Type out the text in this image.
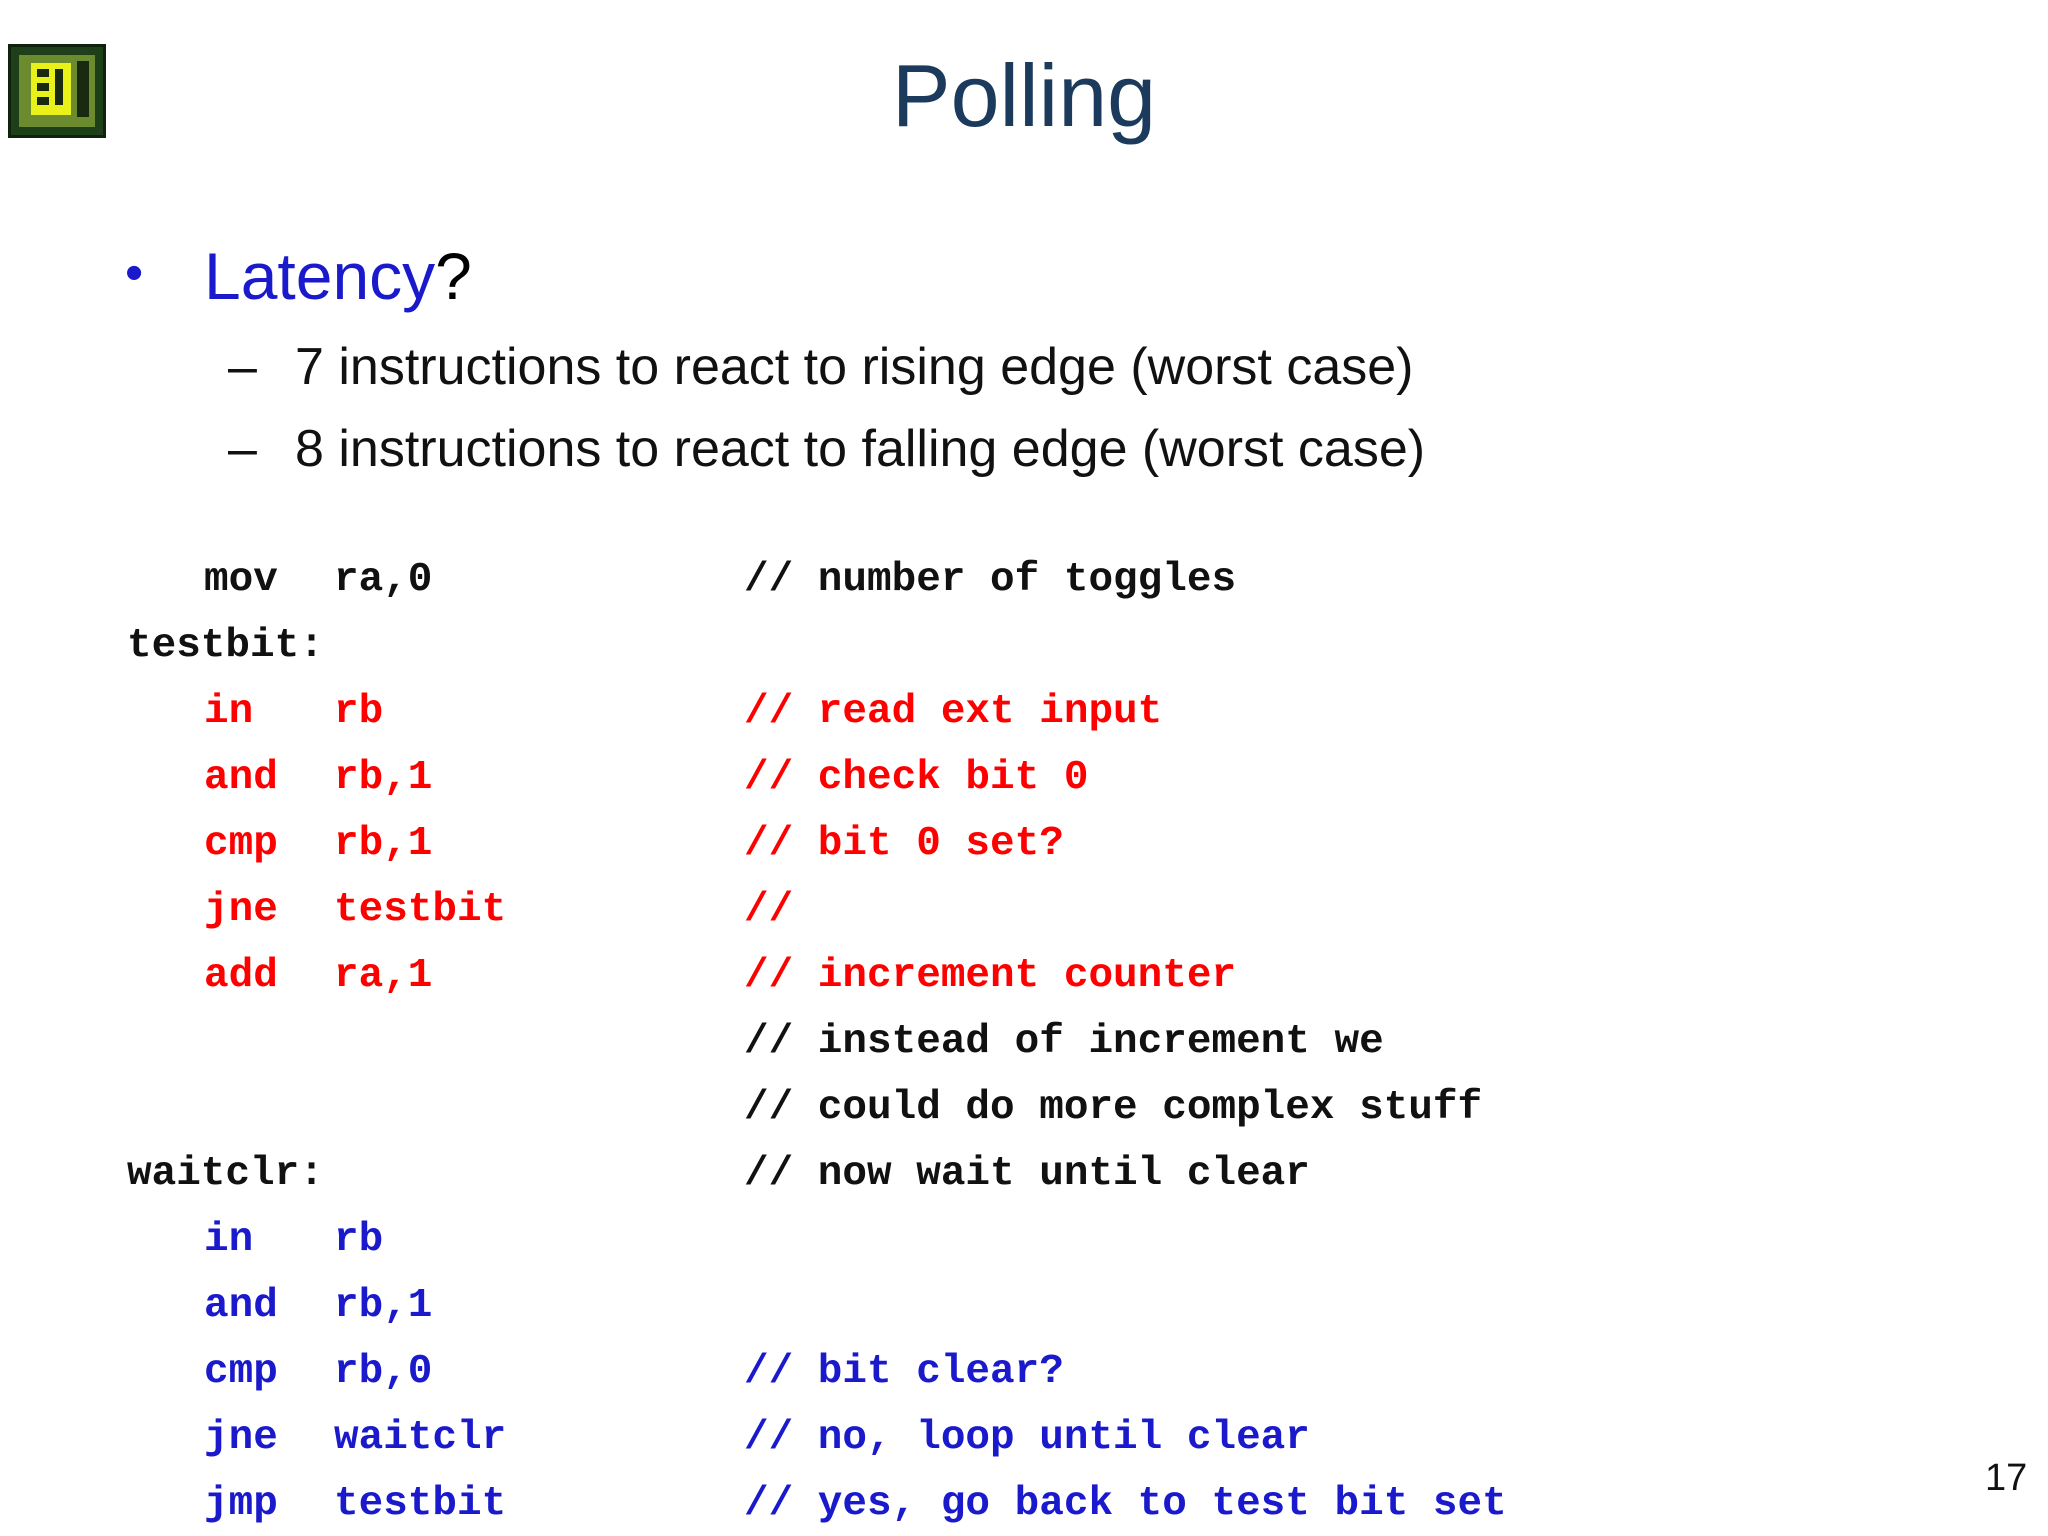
Polling
• Latency?
– 7 instructions to react to rising edge (worst case)
– 8 instructions to react to falling edge (worst case)
mov ra,0	// number of toggles
testbit:
in rb	// read ext input
and rb,1	// check bit 0
cmp rb,1	// bit 0 set?
jne testbit	//
add ra,1	// increment counter
// instead of increment we
// could do more complex stuff
waitclr:	// now wait until clear
in rb
and rb,1
cmp rb,0	// bit clear?
jne waitclr	// no, loop until clear
jmp testbit	// yes, go back to test bit set
17
